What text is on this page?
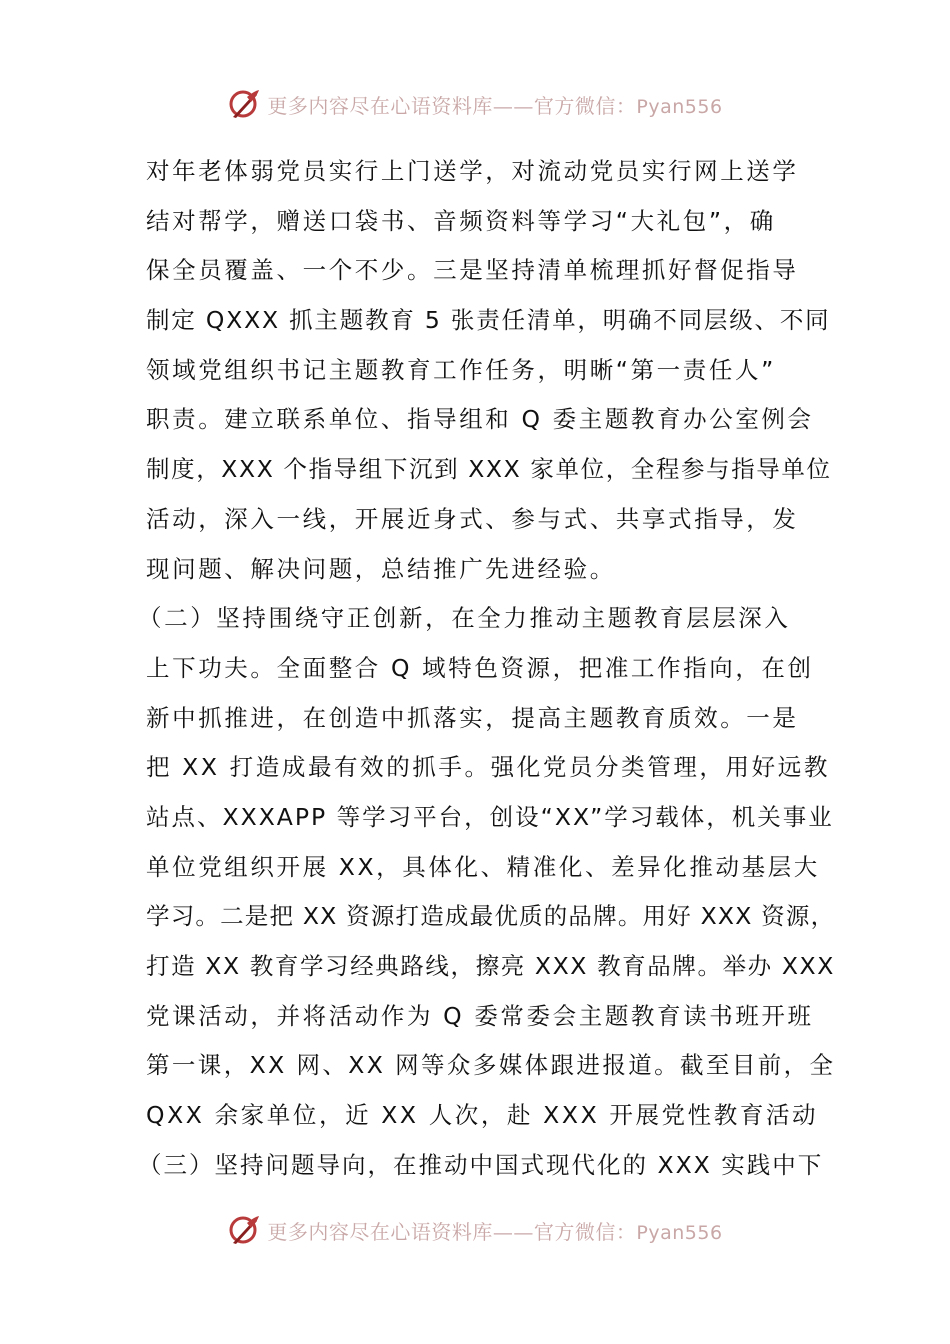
更多内容尽在心语资料库——官方微信：Pyan556
对年老体弱党员实行上门送学，对流动党员实行网上送学
结对帮学，赠送口袋书、音频资料等学习“大礼包”，确
保全员覆盖、一个不少。三是坚持清单梳理抓好督促指导
制定 QXXX 抓主题教育 5 张责任清单，明确不同层级、不同
领域党组织书记主题教育工作任务，明晰“第一责任人”
职责。建立联系单位、指导组和 Q 委主题教育办公室例会
制度，XXX 个指导组下沉到 XXX 家单位，全程参与指导单位
活动，深入一线，开展近身式、参与式、共享式指导，发
现问题、解决问题，总结推广先进经验。
（二）坚持围绕守正创新，在全力推动主题教育层层深入
上下功夫。全面整合 Q 域特色资源，把准工作指向，在创
新中抓推进，在创造中抓落实，提高主题教育质效。一是
把 XX 打造成最有效的抓手。强化党员分类管理，用好远教
站点、XXXAPP 等学习平台，创设“XX”学习载体，机关事业
单位党组织开展 XX，具体化、精准化、差异化推动基层大
学习。二是把 XX 资源打造成最优质的品牌。用好 XXX 资源，
打造 XX 教育学习经典路线，擦亮 XXX 教育品牌。举办 XXX
党课活动，并将活动作为 Q 委常委会主题教育读书班开班
第一课，XX 网、XX 网等众多媒体跟进报道。截至目前，全
QXX 余家单位，近 XX 人次，赴 XXX 开展党性教育活动
（三）坚持问题导向，在推动中国式现代化的 XXX 实践中下
更多内容尽在心语资料库——官方微信：Pyan556
